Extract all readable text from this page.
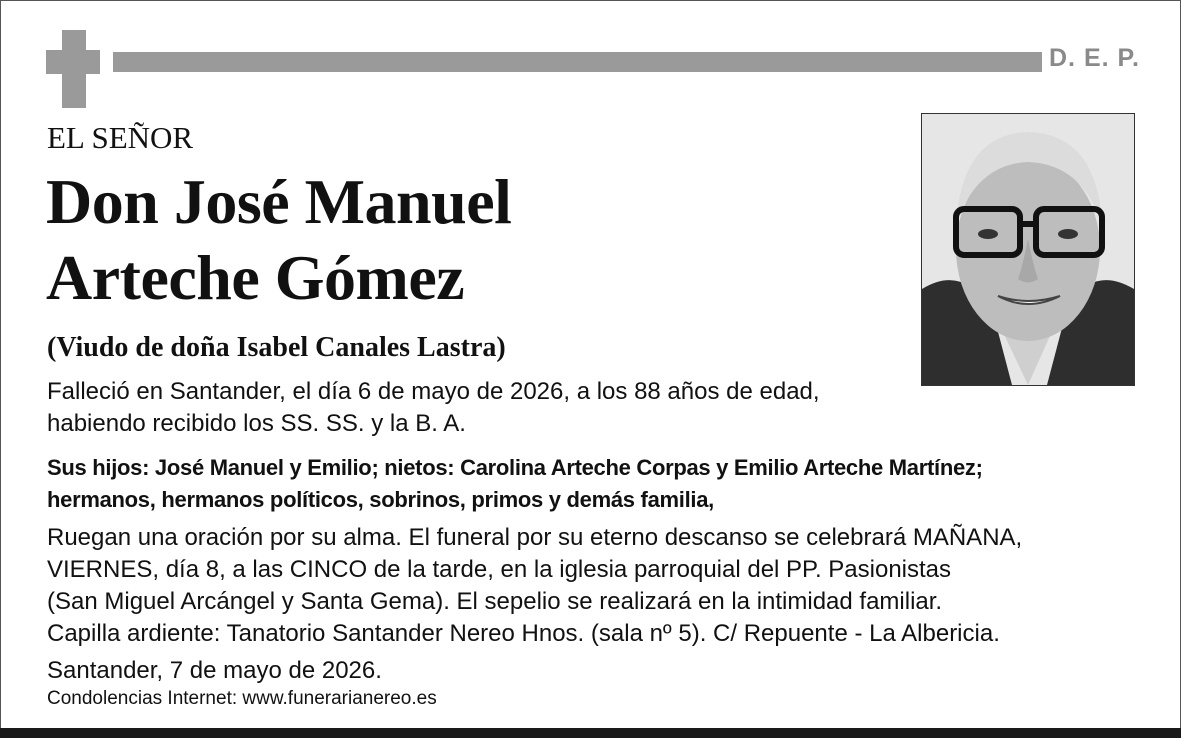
D. E. P.
EL SEÑOR
Don José Manuel
Arteche Gómez
(Viudo de doña Isabel Canales Lastra)
Falleció en Santander, el día 6 de mayo de 2026, a los 88 años de edad,
habiendo recibido los SS. SS. y la B. A.
Sus hijos: José Manuel y Emilio; nietos: Carolina Arteche Corpas y Emilio Arteche Martínez;
hermanos, hermanos políticos, sobrinos, primos y demás familia,
Ruegan una oración por su alma. El funeral por su eterno descanso se celebrará MAÑANA,
VIERNES, día 8, a las CINCO de la tarde, en la iglesia parroquial del PP. Pasionistas
(San Miguel Arcángel y Santa Gema). El sepelio se realizará en la intimidad familiar.
Capilla ardiente: Tanatorio Santander Nereo Hnos. (sala nº 5). C/ Repuente - La Albericia.
Santander, 7 de mayo de 2026.
Condolencias Internet: www.funerarianereo.es
